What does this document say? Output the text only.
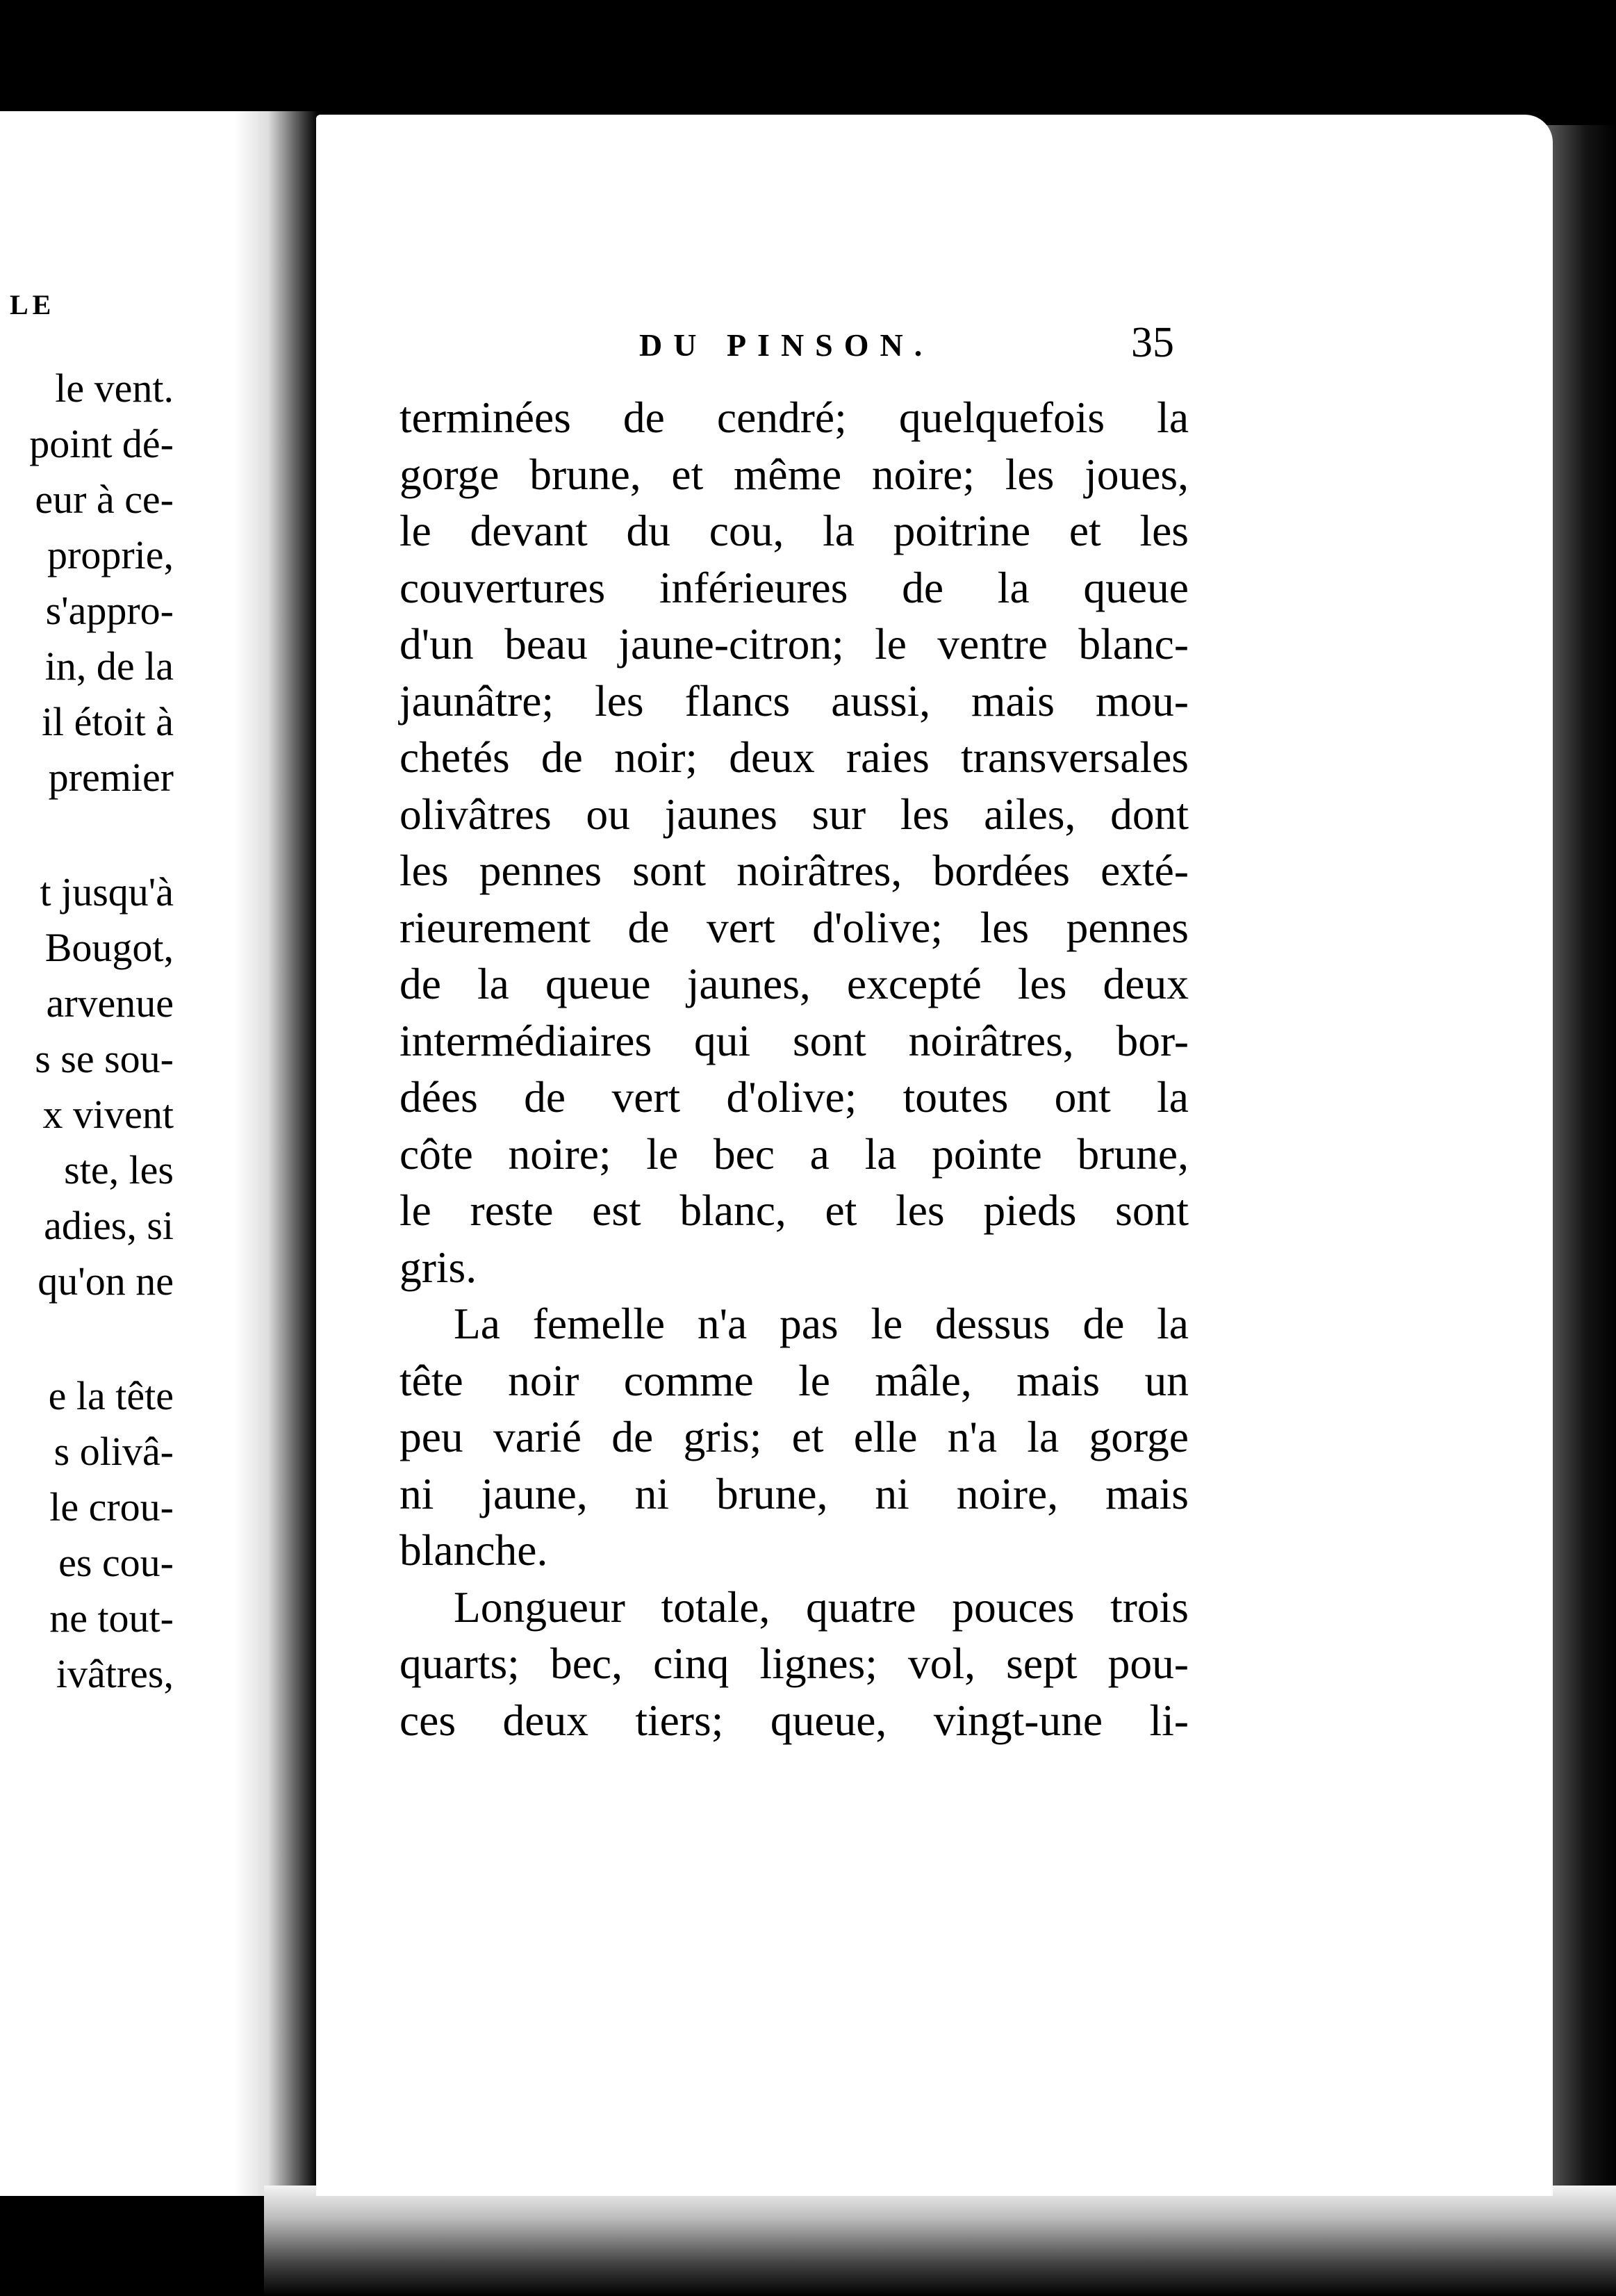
le vent.
point dé-
eur à ce-
proprie,
s'appro-
in, de la
il étoit à
premier
t jusqu'à
Bougot,
arvenue
s se sou-
x vivent
ste, les
adies, si
qu'on ne
e la tête
s olivâ-
le crou-
es cou-
ne tout-
ivâtres,
LE
DU PINSON.	35
terminées de cendré; quelquefois la
gorge brune, et même noire; les joues,
le devant du cou, la poitrine et les
couvertures inférieures de la queue
d'un beau jaune-citron; le ventre blanc-
jaunâtre; les flancs aussi, mais mou-
chetés de noir; deux raies transversales
olivâtres ou jaunes sur les ailes, dont
les pennes sont noirâtres, bordées exté-
rieurement de vert d'olive; les pennes
de la queue jaunes, excepté les deux
intermédiaires qui sont noirâtres, bor-
dées de vert d'olive; toutes ont la
côte noire; le bec a la pointe brune,
le reste est blanc, et les pieds sont
gris.
La femelle n'a pas le dessus de la
tête noir comme le mâle, mais un
peu varié de gris; et elle n'a la gorge
ni jaune, ni brune, ni noire, mais
blanche.
Longueur totale, quatre pouces trois
quarts; bec, cinq lignes; vol, sept pou-
ces deux tiers; queue, vingt-une li-
